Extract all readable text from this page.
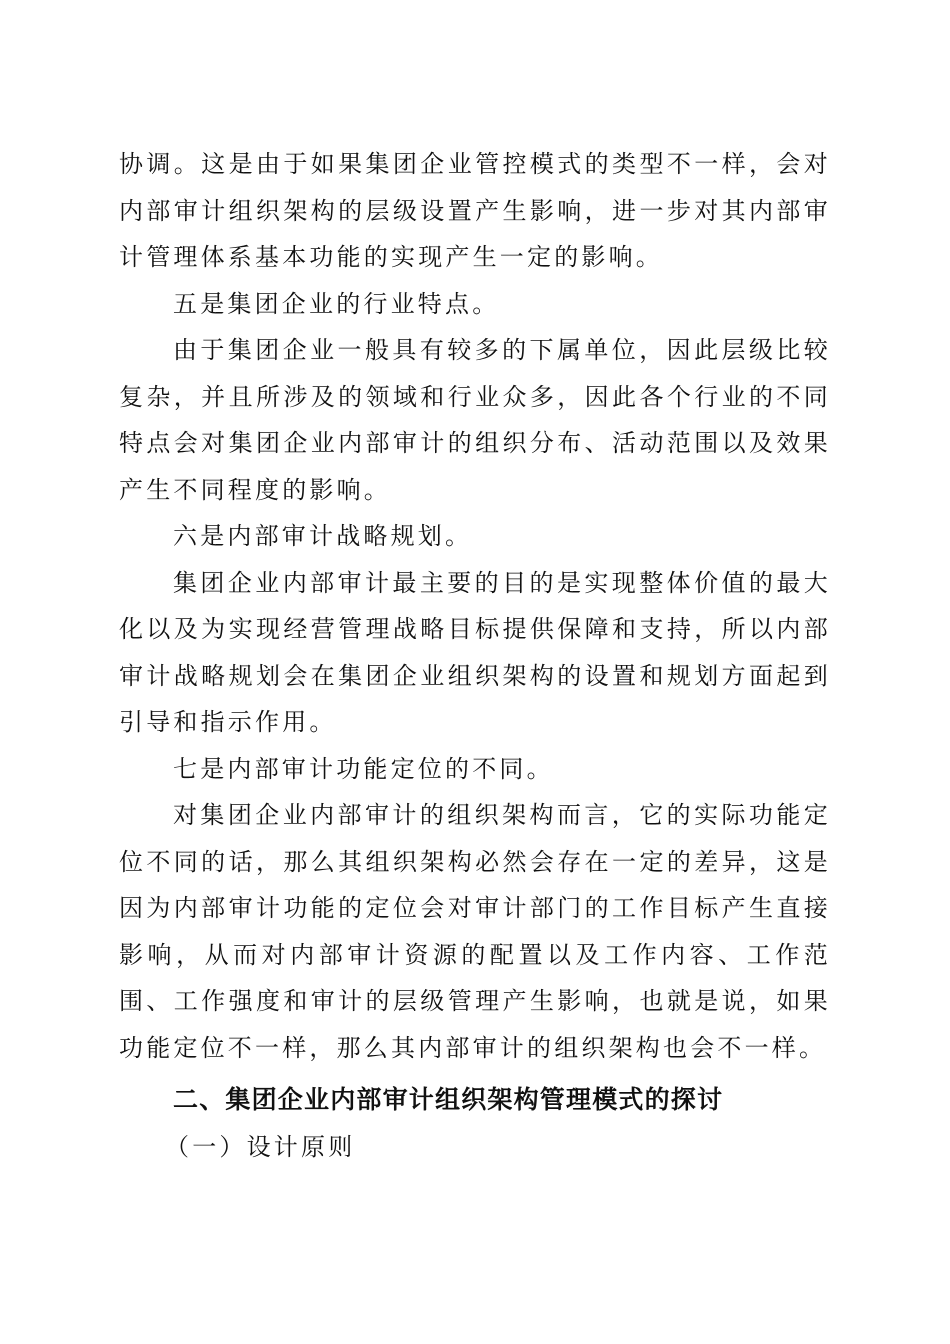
协调。这是由于如果集团企业管控模式的类型不一样，会对内部审计组织架构的层级设置产生影响，进一步对其内部审计管理体系基本功能的实现产生一定的影响。

五是集团企业的行业特点。

由于集团企业一般具有较多的下属单位，因此层级比较复杂，并且所涉及的领域和行业众多，因此各个行业的不同特点会对集团企业内部审计的组织分布、活动范围以及效果产生不同程度的影响。

六是内部审计战略规划。

集团企业内部审计最主要的目的是实现整体价值的最大化以及为实现经营管理战略目标提供保障和支持，所以内部审计战略规划会在集团企业组织架构的设置和规划方面起到引导和指示作用。

七是内部审计功能定位的不同。

对集团企业内部审计的组织架构而言，它的实际功能定位不同的话，那么其组织架构必然会存在一定的差异，这是因为内部审计功能的定位会对审计部门的工作目标产生直接影响，从而对内部审计资源的配置以及工作内容、工作范围、工作强度和审计的层级管理产生影响，也就是说，如果功能定位不一样，那么其内部审计的组织架构也会不一样。

二、集团企业内部审计组织架构管理模式的探讨

（一）设计原则
